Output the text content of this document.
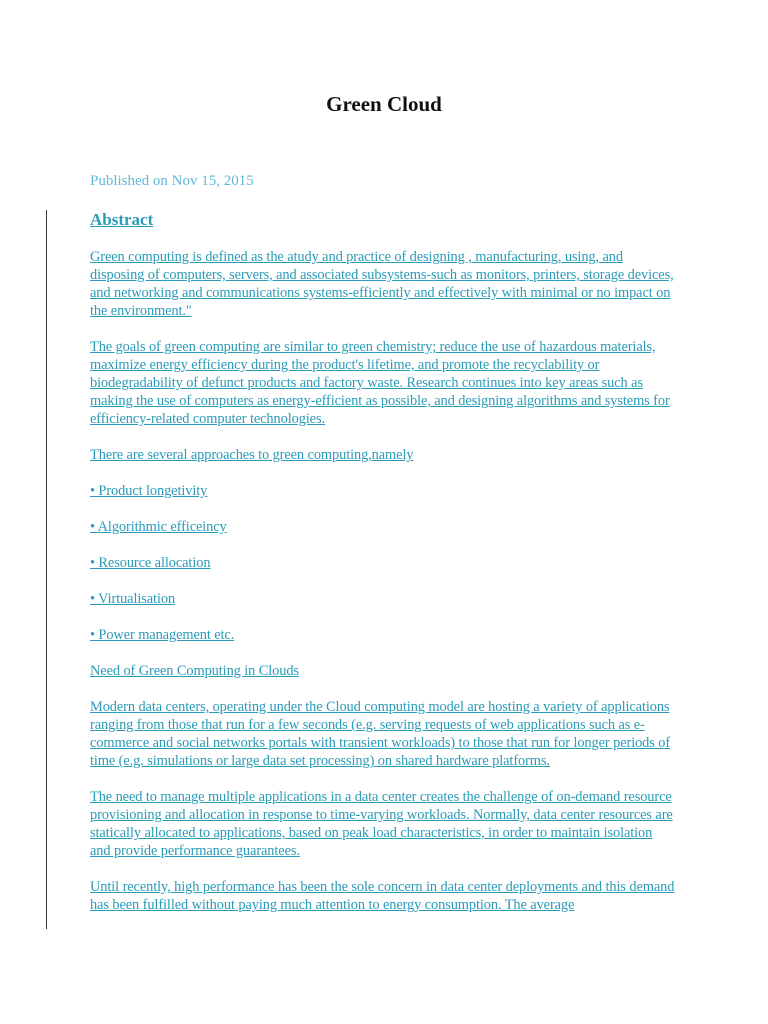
Green Cloud

Published on Nov 15, 2015

Abstract

Green computing is defined as the atudy and practice of designing , manufacturing, using, and disposing of computers, servers, and associated subsystems-such as monitors, printers, storage devices, and networking and communications systems-efficiently and effectively with minimal or no impact on the environment."

The goals of green computing are similar to green chemistry; reduce the use of hazardous materials, maximize energy efficiency during the product's lifetime, and promote the recyclability or biodegradability of defunct products and factory waste. Research continues into key areas such as making the use of computers as energy-efficient as possible, and designing algorithms and systems for efficiency-related computer technologies.

There are several approaches to green computing,namely

• Product longetivity

• Algorithmic efficeincy

• Resource allocation

• Virtualisation

• Power management etc.

Need of Green Computing in Clouds

Modern data centers, operating under the Cloud computing model are hosting a variety of applications ranging from those that run for a few seconds (e.g. serving requests of web applications such as e-commerce and social networks portals with transient workloads) to those that run for longer periods of time (e.g. simulations or large data set processing) on shared hardware platforms.

The need to manage multiple applications in a data center creates the challenge of on-demand resource provisioning and allocation in response to time-varying workloads. Normally, data center resources are statically allocated to applications, based on peak load characteristics, in order to maintain isolation and provide performance guarantees.

Until recently, high performance has been the sole concern in data center deployments and this demand has been fulfilled without paying much attention to energy consumption. The average
